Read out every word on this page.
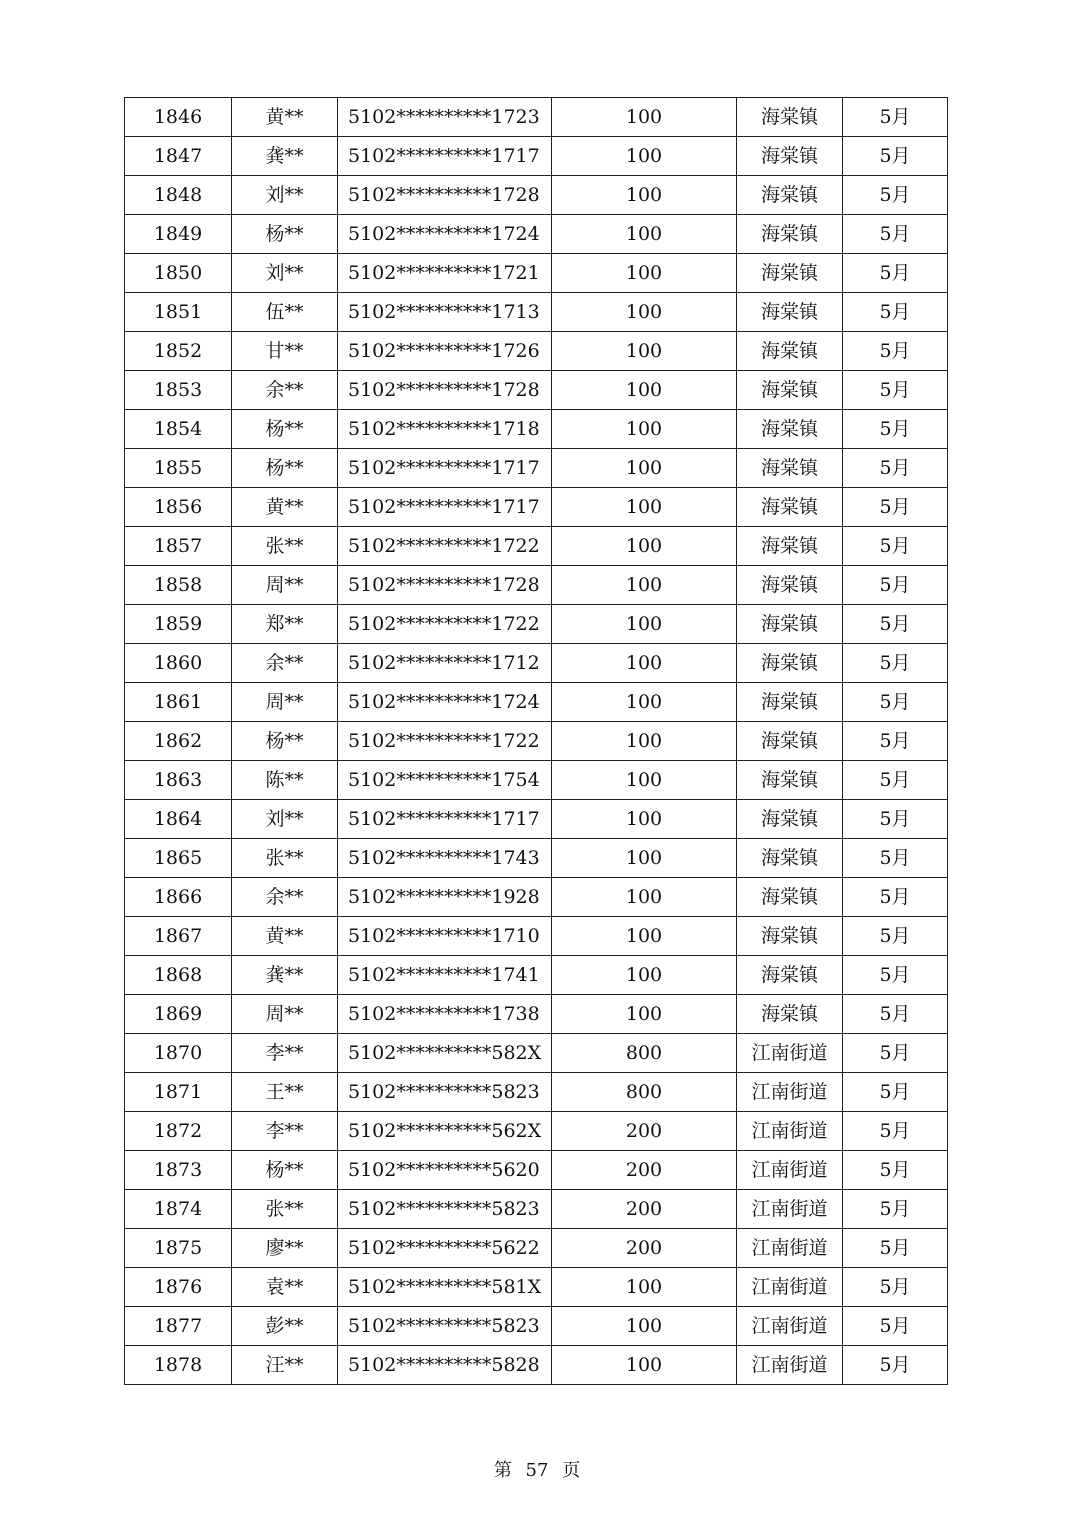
1846	黄**	5102**********1723	100	海棠镇	5月
1847	龚**	5102**********1717	100	海棠镇	5月
1848	刘**	5102**********1728	100	海棠镇	5月
1849	杨**	5102**********1724	100	海棠镇	5月
1850	刘**	5102**********1721	100	海棠镇	5月
1851	伍**	5102**********1713	100	海棠镇	5月
1852	甘**	5102**********1726	100	海棠镇	5月
1853	余**	5102**********1728	100	海棠镇	5月
1854	杨**	5102**********1718	100	海棠镇	5月
1855	杨**	5102**********1717	100	海棠镇	5月
1856	黄**	5102**********1717	100	海棠镇	5月
1857	张**	5102**********1722	100	海棠镇	5月
1858	周**	5102**********1728	100	海棠镇	5月
1859	郑**	5102**********1722	100	海棠镇	5月
1860	余**	5102**********1712	100	海棠镇	5月
1861	周**	5102**********1724	100	海棠镇	5月
1862	杨**	5102**********1722	100	海棠镇	5月
1863	陈**	5102**********1754	100	海棠镇	5月
1864	刘**	5102**********1717	100	海棠镇	5月
1865	张**	5102**********1743	100	海棠镇	5月
1866	余**	5102**********1928	100	海棠镇	5月
1867	黄**	5102**********1710	100	海棠镇	5月
1868	龚**	5102**********1741	100	海棠镇	5月
1869	周**	5102**********1738	100	海棠镇	5月
1870	李**	5102**********582X	800	江南街道	5月
1871	王**	5102**********5823	800	江南街道	5月
1872	李**	5102**********562X	200	江南街道	5月
1873	杨**	5102**********5620	200	江南街道	5月
1874	张**	5102**********5823	200	江南街道	5月
1875	廖**	5102**********5622	200	江南街道	5月
1876	袁**	5102**********581X	100	江南街道	5月
1877	彭**	5102**********5823	100	江南街道	5月
1878	汪**	5102**********5828	100	江南街道	5月
第 57 页
